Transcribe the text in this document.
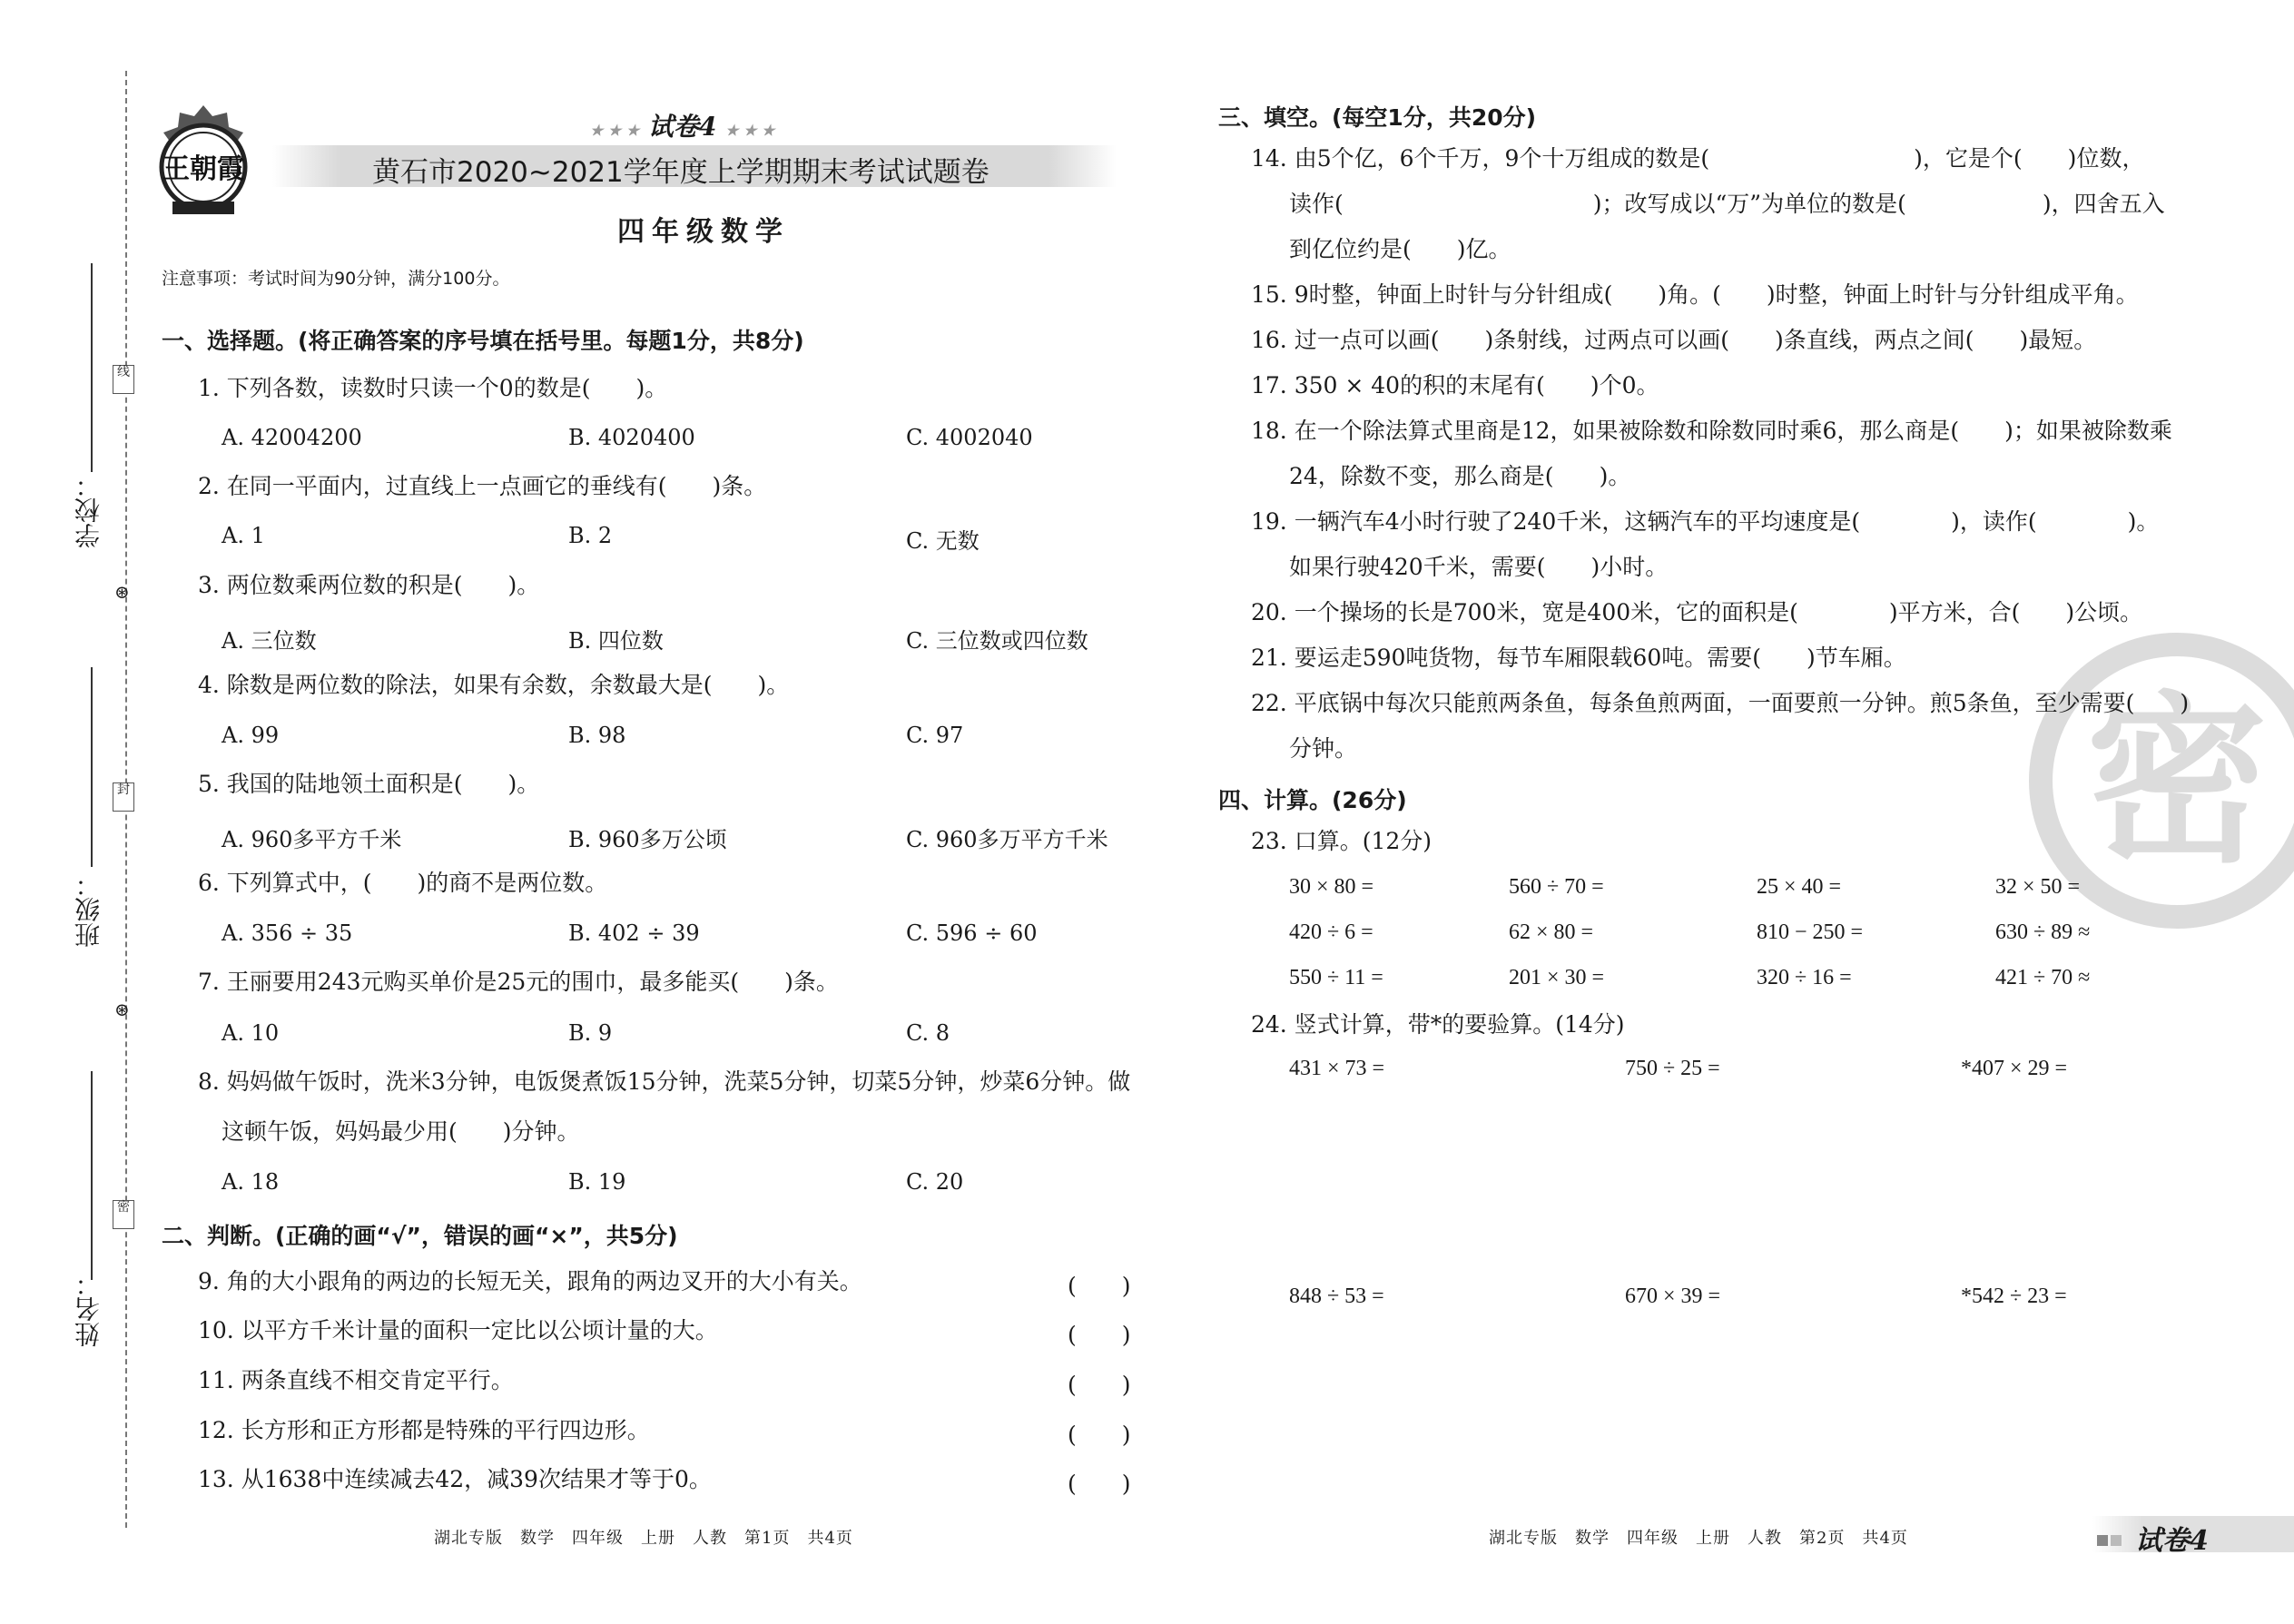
线
封
密
⊛
⊛
学校：
班级：
姓名：
王朝霞
★ ★ ★ 试卷4 ★ ★ ★
黄石市2020~2021学年度上学期期末考试试题卷
四年级数学
注意事项：考试时间为90分钟，满分100分。
一、选择题。(将正确答案的序号填在括号里。每题1分，共8分)
1. 下列各数，读数时只读一个0的数是(　　)。
A. 42004200	B. 4020400	C. 4002040
2. 在同一平面内，过直线上一点画它的垂线有(　　)条。
A. 1	B. 2	C. 无数
3. 两位数乘两位数的积是(　　)。
A. 三位数	B. 四位数	C. 三位数或四位数
4. 除数是两位数的除法，如果有余数，余数最大是(　　)。
A. 99	B. 98	C. 97
5. 我国的陆地领土面积是(　　)。
A. 960多平方千米	B. 960多万公顷	C. 960多万平方千米
6. 下列算式中，(　　)的商不是两位数。
A. 356 ÷ 35	B. 402 ÷ 39	C. 596 ÷ 60
7. 王丽要用243元购买单价是25元的围巾，最多能买(　　)条。
A. 10	B. 9	C. 8
8. 妈妈做午饭时，洗米3分钟，电饭煲煮饭15分钟，洗菜5分钟，切菜5分钟，炒菜6分钟。做
这顿午饭，妈妈最少用(　　)分钟。
A. 18	B. 19	C. 20
二、判断。(正确的画“√”，错误的画“×”，共5分)
9. 角的大小跟角的两边的长短无关，跟角的两边叉开的大小有关。	(　　)
10. 以平方千米计量的面积一定比以公顷计量的大。	(　　)
11. 两条直线不相交肯定平行。	(　　)
12. 长方形和正方形都是特殊的平行四边形。	(　　)
13. 从1638中连续减去42，减39次结果才等于0。	(　　)
密
三、填空。(每空1分，共20分)
14. 由5个亿，6个千万，9个十万组成的数是(　　　　　　　　　)，它是个(　　)位数，
读作(　　　　　　　　　　　)；改写成以“万”为单位的数是(　　　　　　)，四舍五入
到亿位约是(　　)亿。
15. 9时整，钟面上时针与分针组成(　　)角。(　　)时整，钟面上时针与分针组成平角。
16. 过一点可以画(　　)条射线，过两点可以画(　　)条直线，两点之间(　　)最短。
17. 350 × 40的积的末尾有(　　)个0。
18. 在一个除法算式里商是12，如果被除数和除数同时乘6，那么商是(　　)；如果被除数乘
24，除数不变，那么商是(　　)。
19. 一辆汽车4小时行驶了240千米，这辆汽车的平均速度是(　　　　)，读作(　　　　)。
如果行驶420千米，需要(　　)小时。
20. 一个操场的长是700米，宽是400米，它的面积是(　　　　)平方米，合(　　)公顷。
21. 要运走590吨货物，每节车厢限载60吨。需要(　　)节车厢。
22. 平底锅中每次只能煎两条鱼，每条鱼煎两面，一面要煎一分钟。煎5条鱼，至少需要(　　)
分钟。
四、计算。(26分)
23. 口算。(12分)
30 × 80 =	560 ÷ 70 =	25 × 40 =	32 × 50 =
420 ÷ 6 =	62 × 80 =	810 − 250 =	630 ÷ 89 ≈
550 ÷ 11 =	201 × 30 =	320 ÷ 16 =	421 ÷ 70 ≈
24. 竖式计算，带*的要验算。(14分)
431 × 73 =	750 ÷ 25 =	*407 × 29 =
848 ÷ 53 =	670 × 39 =	*542 ÷ 23 =
湖北专版　数学　四年级　上册　人教　第1页　共4页	湖北专版　数学　四年级　上册　人教　第2页　共4页	试卷4
